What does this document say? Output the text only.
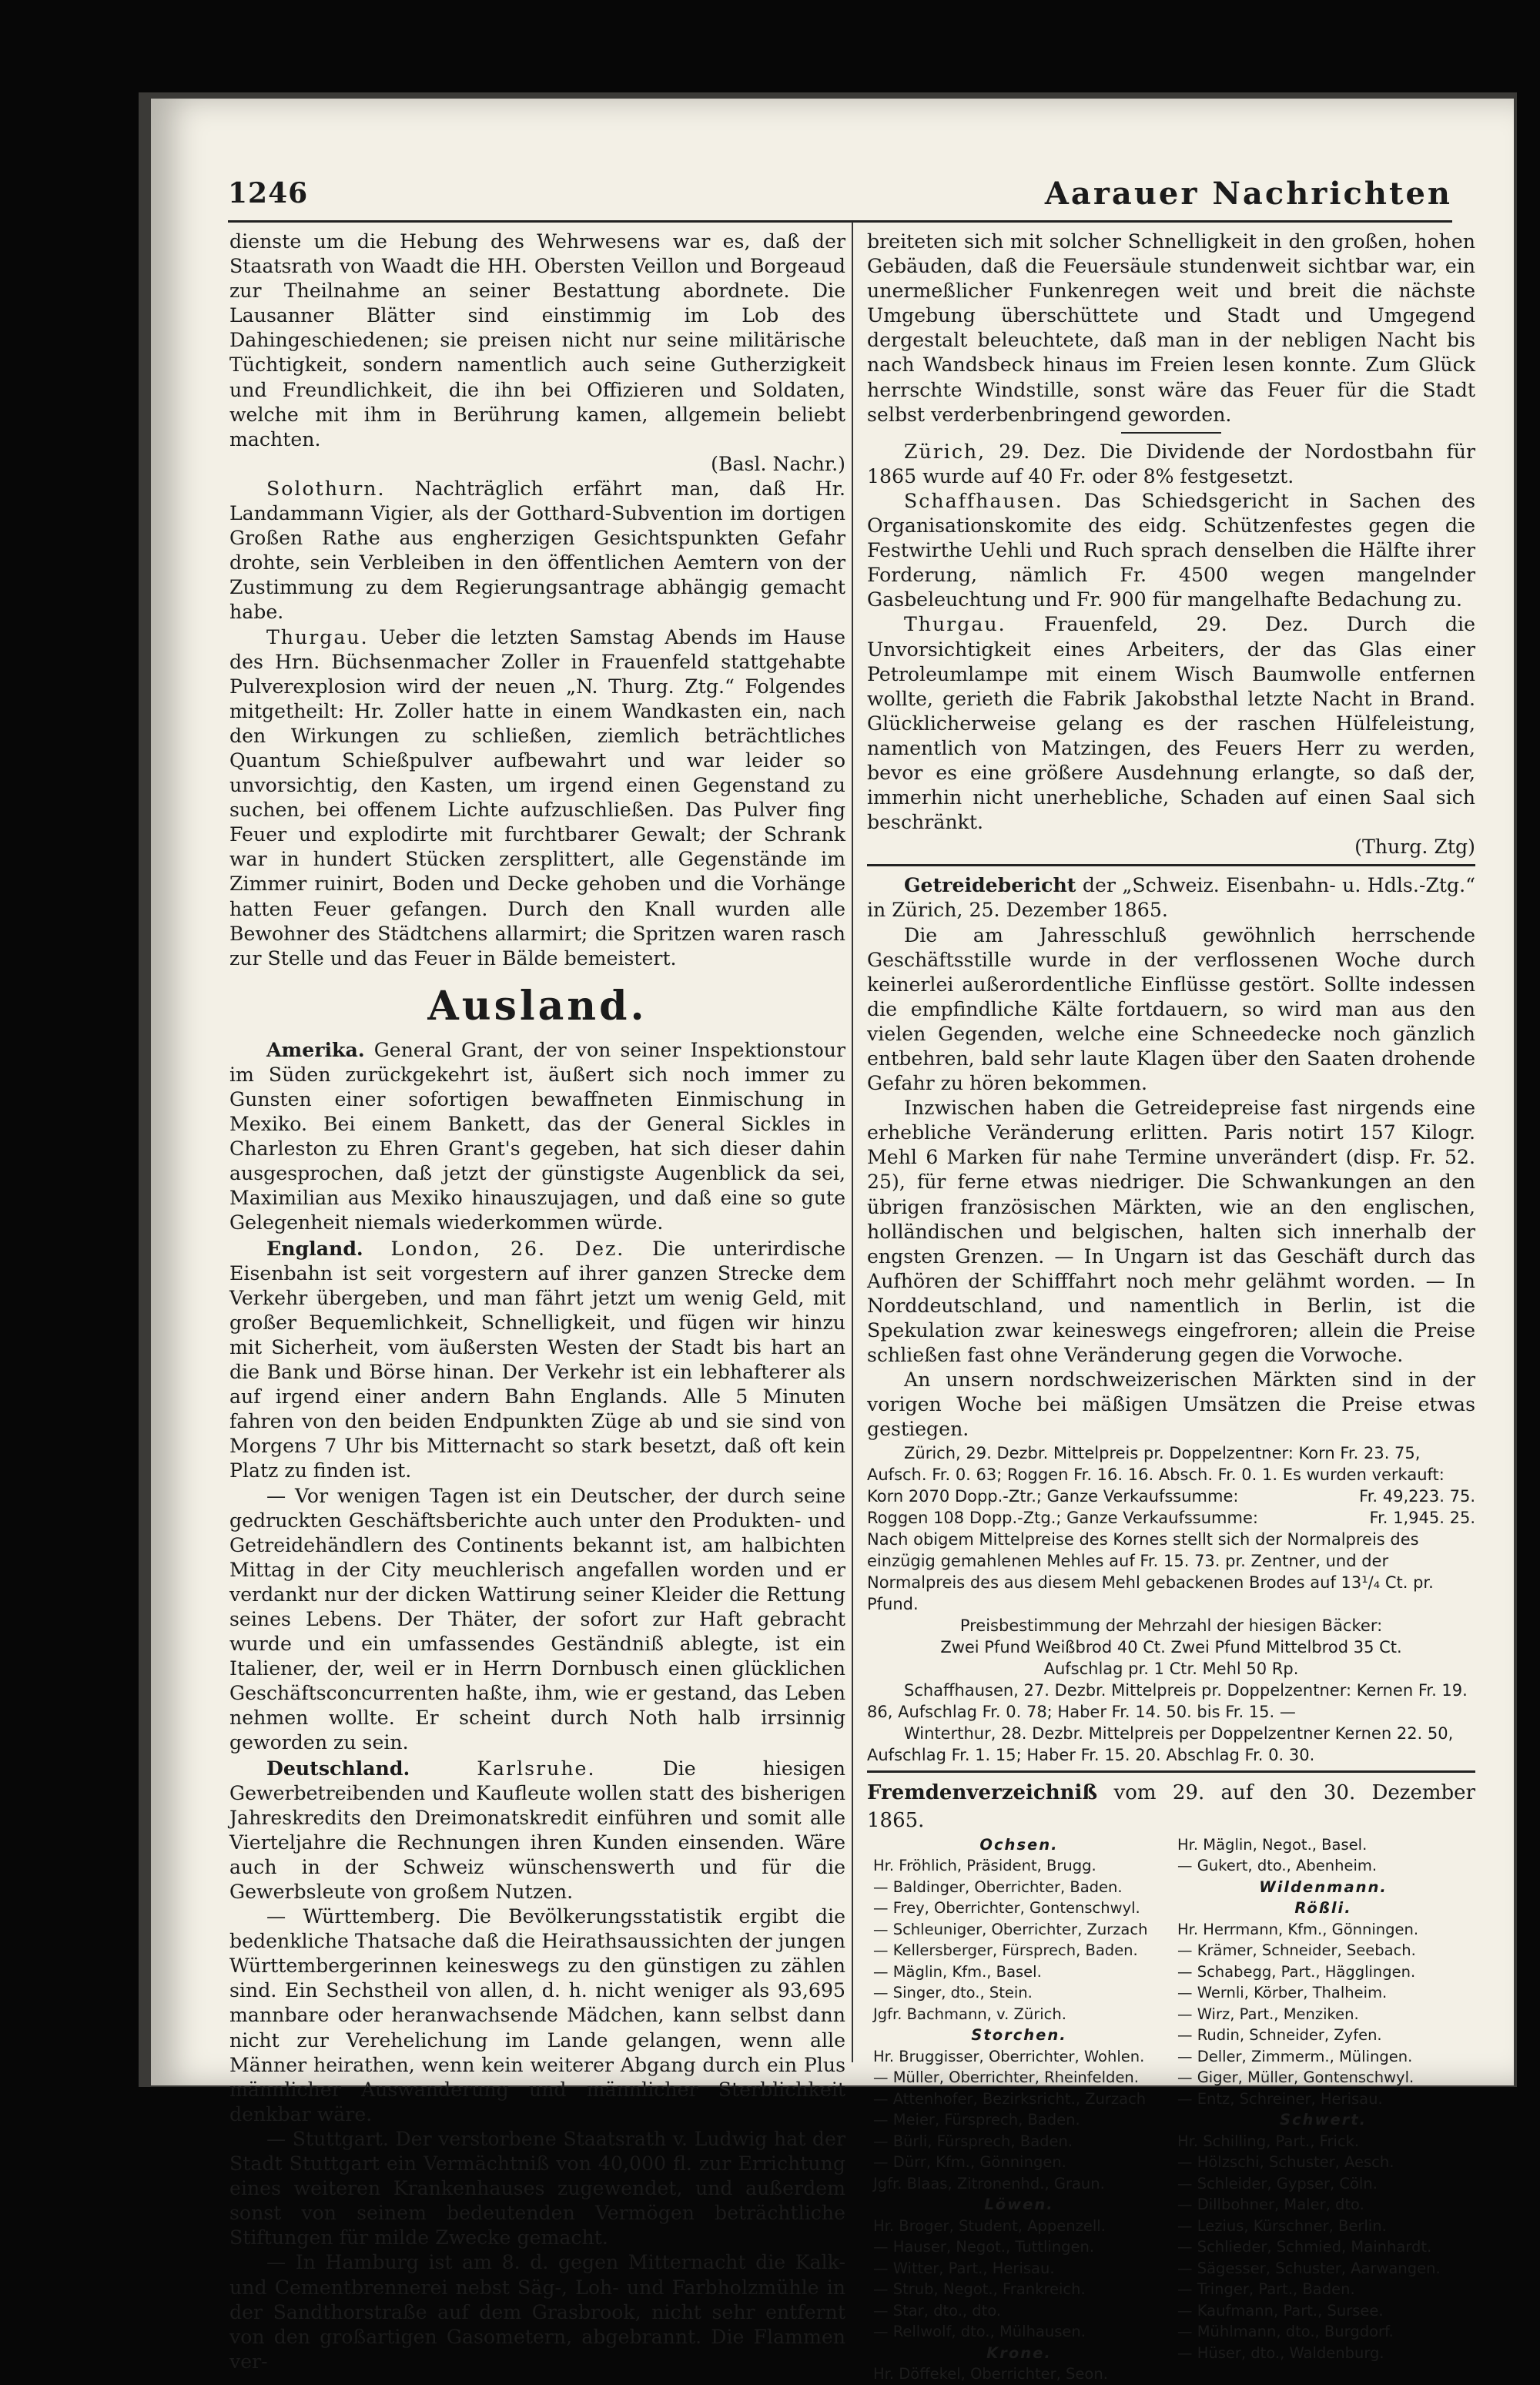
1246	Aarauer Nachrichten

dienste um die Hebung des Wehrwesens war es, daß der Staatsrath von Waadt die HH. Obersten Veillon und Borgeaud zur Theilnahme an seiner Bestattung abordnete. Die Lausanner Blätter sind einstimmig im Lob des Dahingeschiedenen; sie preisen nicht nur seine militärische Tüchtigkeit, sondern namentlich auch seine Gutherzigkeit und Freundlichkeit, die ihn bei Offizieren und Soldaten, welche mit ihm in Berührung kamen, allgemein beliebt machten.
(Basl. Nachr.)

Solothurn. Nachträglich erfährt man, daß Hr. Landammann Vigier, als der Gotthard-Subvention im dortigen Großen Rathe aus engherzigen Gesichtspunkten Gefahr drohte, sein Verbleiben in den öffentlichen Aemtern von der Zustimmung zu dem Regierungsantrage abhängig gemacht habe.

Thurgau. Ueber die letzten Samstag Abends im Hause des Hrn. Büchsenmacher Zoller in Frauenfeld stattgehabte Pulverexplosion wird der neuen „N. Thurg. Ztg.“ Folgendes mitgetheilt: Hr. Zoller hatte in einem Wandkasten ein, nach den Wirkungen zu schließen, ziemlich beträchtliches Quantum Schießpulver aufbewahrt und war leider so unvorsichtig, den Kasten, um irgend einen Gegenstand zu suchen, bei offenem Lichte aufzuschließen. Das Pulver fing Feuer und explodirte mit furchtbarer Gewalt; der Schrank war in hundert Stücken zersplittert, alle Gegenstände im Zimmer ruinirt, Boden und Decke gehoben und die Vorhänge hatten Feuer gefangen. Durch den Knall wurden alle Bewohner des Städtchens allarmirt; die Spritzen waren rasch zur Stelle und das Feuer in Bälde bemeistert.

Ausland.

Amerika. General Grant, der von seiner Inspektionstour im Süden zurückgekehrt ist, äußert sich noch immer zu Gunsten einer sofortigen bewaffneten Einmischung in Mexiko. Bei einem Bankett, das der General Sickles in Charleston zu Ehren Grant's gegeben, hat sich dieser dahin ausgesprochen, daß jetzt der günstigste Augenblick da sei, Maximilian aus Mexiko hinauszujagen, und daß eine so gute Gelegenheit niemals wiederkommen würde.

England. London, 26. Dez. Die unterirdische Eisenbahn ist seit vorgestern auf ihrer ganzen Strecke dem Verkehr übergeben, und man fährt jetzt um wenig Geld, mit großer Bequemlichkeit, Schnelligkeit, und fügen wir hinzu mit Sicherheit, vom äußersten Westen der Stadt bis hart an die Bank und Börse hinan. Der Verkehr ist ein lebhafterer als auf irgend einer andern Bahn Englands. Alle 5 Minuten fahren von den beiden Endpunkten Züge ab und sie sind von Morgens 7 Uhr bis Mitternacht so stark besetzt, daß oft kein Platz zu finden ist.

— Vor wenigen Tagen ist ein Deutscher, der durch seine gedruckten Geschäftsberichte auch unter den Produkten- und Getreidehändlern des Continents bekannt ist, am halbichten Mittag in der City meuchlerisch angefallen worden und er verdankt nur der dicken Wattirung seiner Kleider die Rettung seines Lebens. Der Thäter, der sofort zur Haft gebracht wurde und ein umfassendes Geständniß ablegte, ist ein Italiener, der, weil er in Herrn Dornbusch einen glücklichen Geschäftsconcurrenten haßte, ihm, wie er gestand, das Leben nehmen wollte. Er scheint durch Noth halb irrsinnig geworden zu sein.

Deutschland.	Karlsruhe.	Die hiesigen Gewerbetreibenden und Kaufleute wollen statt des bisherigen Jahreskredits den Dreimonatskredit einführen und somit alle Vierteljahre die Rechnungen ihren Kunden einsenden. Wäre auch in der Schweiz wünschenswerth und für die Gewerbsleute von großem Nutzen.

— Württemberg. Die Bevölkerungsstatistik ergibt die bedenkliche Thatsache daß die Heirathsaussichten der jungen Württembergerinnen keineswegs zu den günstigen zu zählen sind. Ein Sechstheil von allen, d. h. nicht weniger als 93,695 mannbare oder heranwachsende Mädchen, kann selbst dann nicht zur Verehelichung im Lande gelangen, wenn alle Männer heirathen, wenn kein weiterer Abgang durch ein Plus männlicher Auswanderung und männlicher Sterblichkeit denkbar wäre.

— Stuttgart. Der verstorbene Staatsrath v. Ludwig hat der Stadt Stuttgart ein Vermächtniß von 40,000 fl. zur Errichtung eines weiteren Krankenhauses zugewendet, und außerdem sonst von seinem bedeutenden Vermögen beträchtliche Stiftungen für milde Zwecke gemacht.

— In Hamburg ist am 8. d. gegen Mitternacht die Kalk- und Cementbrennerei nebst Säg-, Loh- und Farbholzmühle in der Sandthorstraße auf dem Grasbrook, nicht sehr entfernt von den großartigen Gasometern, abgebrannt. Die Flammen ver-

breiteten sich mit solcher Schnelligkeit in den großen, hohen Gebäuden, daß die Feuersäule stundenweit sichtbar war, ein unermeßlicher Funkenregen weit und breit die nächste Umgebung überschüttete und Stadt und Umgegend dergestalt beleuchtete, daß man in der nebligen Nacht bis nach Wandsbeck hinaus im Freien lesen konnte. Zum Glück herrschte Windstille, sonst wäre das Feuer für die Stadt selbst verderbenbringend geworden.

Zürich, 29. Dez. Die Dividende der Nordostbahn für 1865 wurde auf 40 Fr. oder 8% festgesetzt.

Schaffhausen. Das Schiedsgericht in Sachen des Organisationskomite des eidg. Schützenfestes gegen die Festwirthe Uehli und Ruch sprach denselben die Hälfte ihrer Forderung, nämlich Fr. 4500 wegen mangelnder Gasbeleuchtung und Fr. 900 für mangelhafte Bedachung zu.

Thurgau. Frauenfeld, 29. Dez. Durch die Unvorsichtigkeit eines Arbeiters, der das Glas einer Petroleumlampe mit einem Wisch Baumwolle entfernen wollte, gerieth die Fabrik Jakobsthal letzte Nacht in Brand. Glücklicherweise gelang es der raschen Hülfeleistung, namentlich von Matzingen, des Feuers Herr zu werden, bevor es eine größere Ausdehnung erlangte, so daß der, immerhin nicht unerhebliche, Schaden auf einen Saal sich beschränkt.
(Thurg. Ztg)

Getreidebericht der „Schweiz. Eisenbahn- u. Hdls.-Ztg.“ in Zürich, 25. Dezember 1865.

Die am Jahresschluß gewöhnlich herrschende Geschäftsstille wurde in der verflossenen Woche durch keinerlei außerordentliche Einflüsse gestört. Sollte indessen die empfindliche Kälte fortdauern, so wird man aus den vielen Gegenden, welche eine Schneedecke noch gänzlich entbehren, bald sehr laute Klagen über den Saaten drohende Gefahr zu hören bekommen.

Inzwischen haben die Getreidepreise fast nirgends eine erhebliche Veränderung erlitten. Paris notirt 157 Kilogr. Mehl 6 Marken für nahe Termine unverändert (disp. Fr. 52. 25), für ferne etwas niedriger. Die Schwankungen an den übrigen französischen Märkten, wie an den englischen, holländischen und belgischen, halten sich innerhalb der engsten Grenzen. — In Ungarn ist das Geschäft durch das Aufhören der Schifffahrt noch mehr gelähmt worden. — In Norddeutschland, und namentlich in Berlin, ist die Spekulation zwar keineswegs eingefroren; allein die Preise schließen fast ohne Veränderung gegen die Vorwoche.

An unsern nordschweizerischen Märkten sind in der vorigen Woche bei mäßigen Umsätzen die Preise etwas gestiegen.

Zürich, 29. Dezbr. Mittelpreis pr. Doppelzentner: Korn Fr. 23. 75, Aufsch. Fr. 0. 63; Roggen Fr. 16. 16. Absch. Fr. 0. 1. Es wurden verkauft:

Korn 2070 Dopp.-Ztr.; Ganze Verkaufssumme:	Fr. 49,223. 75.
Roggen 108 Dopp.-Ztg.; Ganze Verkaufssumme:	Fr. 1,945. 25.

Nach obigem Mittelpreise des Kornes stellt sich der Normalpreis des einzügig gemahlenen Mehles auf Fr. 15. 73. pr. Zentner, und der Normalpreis des aus diesem Mehl gebackenen Brodes auf 13¹/₄ Ct. pr. Pfund.

Preisbestimmung der Mehrzahl der hiesigen Bäcker:

Zwei Pfund Weißbrod 40 Ct. Zwei Pfund Mittelbrod 35 Ct.

Aufschlag pr. 1 Ctr. Mehl 50 Rp.

Schaffhausen, 27. Dezbr. Mittelpreis pr. Doppelzentner: Kernen Fr. 19. 86, Aufschlag Fr. 0. 78; Haber Fr. 14. 50. bis Fr. 15. —

Winterthur, 28. Dezbr. Mittelpreis per Doppelzentner Kernen 22. 50, Aufschlag Fr. 1. 15; Haber Fr. 15. 20. Abschlag Fr. 0. 30.

Fremdenverzeichniß vom 29. auf den 30. Dezember 1865.

Ochsen.
Hr. Fröhlich, Präsident, Brugg.
— Baldinger, Oberrichter, Baden.
— Frey, Oberrichter, Gontenschwyl.
— Schleuniger, Oberrichter, Zurzach
— Kellersberger, Fürsprech, Baden.
— Mäglin, Kfm., Basel.
— Singer, dto., Stein.
Jgfr. Bachmann, v. Zürich.
Storchen.
Hr. Bruggisser, Oberrichter, Wohlen.
— Müller, Oberrichter, Rheinfelden.
— Attenhofer, Bezirksricht., Zurzach
— Meier, Fürsprech, Baden.
— Bürli, Fürsprech, Baden.
— Dürr, Kfm., Gönningen.
Jgfr. Blaas, Zitronenhd., Graun.
Löwen.
Hr. Broger, Student, Appenzell.
— Hauser, Negot., Tuttlingen.
— Witter, Part., Herisau.
— Strub, Negot., Frankreich.
— Star, dto., dto.
— Rellwolf, dto., Mülhausen.
Krone.
Hr. Döffekel, Oberrichter, Seon.
Hr. Mäglin, Negot., Basel.
— Gukert, dto., Abenheim.
Wildenmann.
Rößli.
Hr. Herrmann, Kfm., Gönningen.
— Krämer, Schneider, Seebach.
— Schabegg, Part., Hägglingen.
— Wernli, Körber, Thalheim.
— Wirz, Part., Menziken.
— Rudin, Schneider, Zyfen.
— Deller, Zimmerm., Mülingen.
— Giger, Müller, Gontenschwyl.
— Entz, Schreiner, Herisau.
Schwert.
Hr. Schilling, Part., Frick.
— Hölzschi, Schuster, Aesch.
— Schleider, Gypser, Cöln.
— Dillbohner, Maler, dto.
— Lezius, Kürschner, Berlin.
— Schlieder, Schmied, Mainhardt.
— Sägesser, Schuster, Aarwangen.
— Tringer, Part., Baden.
— Kaufmann, Part., Sursee.
— Mühlmann, dto., Burgdorf.
— Hüser, dto., Waldenburg.
